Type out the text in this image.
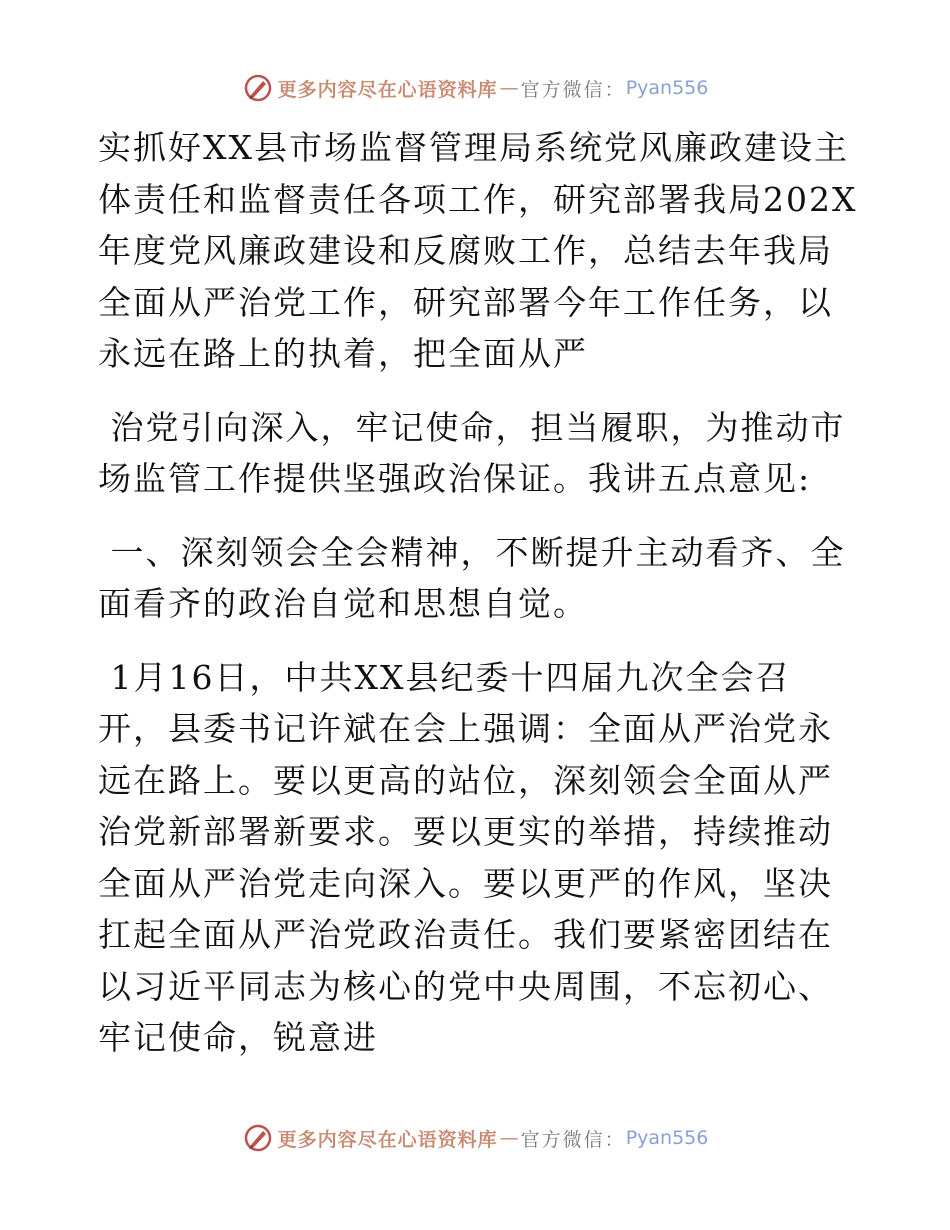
更多内容尽在心语资料库 — 官方微信： Pyan556

实抓好XX县市场监督管理局系统党风廉政建设主体责任和监督责任各项工作，研究部署我局202X年度党风廉政建设和反腐败工作，总结去年我局全面从严治党工作，研究部署今年工作任务，以永远在路上的执着，把全面从严

治党引向深入，牢记使命，担当履职，为推动市场监管工作提供坚强政治保证。我讲五点意见:

一、深刻领会全会精神，不断提升主动看齐、全面看齐的政治自觉和思想自觉。

1月16日，中共XX县纪委十四届九次全会召开，县委书记许斌在会上强调：全面从严治党永远在路上。要以更高的站位，深刻领会全面从严治党新部署新要求。要以更实的举措，持续推动全面从严治党走向深入。要以更严的作风，坚决扛起全面从严治党政治责任。我们要紧密团结在以习近平同志为核心的党中央周围，不忘初心、牢记使命，锐意进

更多内容尽在心语资料库 — 官方微信： Pyan556
